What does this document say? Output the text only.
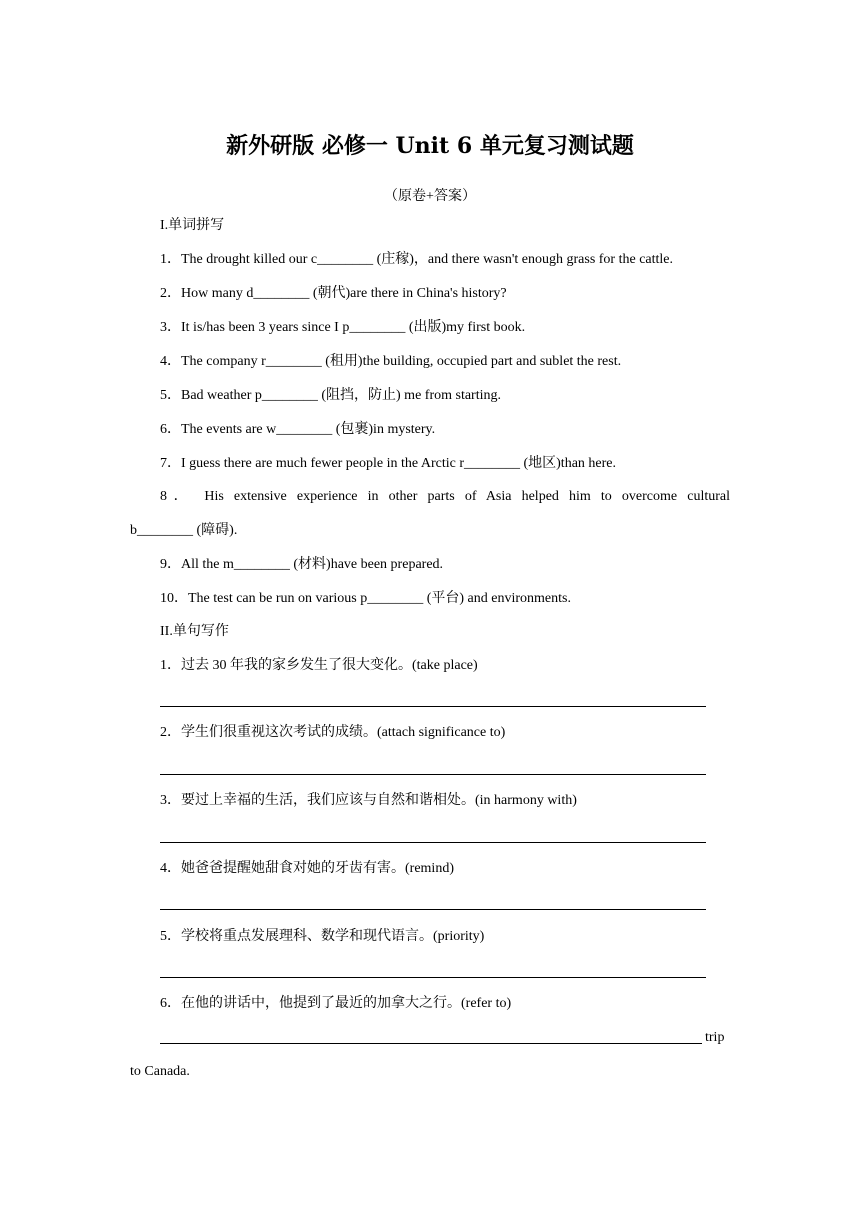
新外研版 必修一 Unit 6 单元复习测试题
（原卷+答案）
I.单词拼写
1．The drought killed our c________ (庄稼)，and there wasn't enough grass for the cattle.
2．How many d________ (朝代)are there in China's history?
3．It is/has been 3 years since I p________ (出版)my first book.
4．The company r________ (租用)the building, occupied part and sublet the rest.
5．Bad weather p________ (阻挡，防止) me from starting.
6．The events are w________ (包裹)in mystery.
7．I guess there are much fewer people in the Arctic r________ (地区)than here.
8． His extensive experience in other parts of Asia helped him to overcome cultural
b________ (障碍).
9．All the m________ (材料)have been prepared.
10．The test can be run on various p________ (平台) and environments.
II.单句写作
1．过去 30 年我的家乡发生了很大变化。(take place)
2．学生们很重视这次考试的成绩。(attach significance to)
3．要过上幸福的生活，我们应该与自然和谐相处。(in harmony with)
4．她爸爸提醒她甜食对她的牙齿有害。(remind)
5．学校将重点发展理科、数学和现代语言。(priority)
6．在他的讲话中，他提到了最近的加拿大之行。(refer to)
trip
to Canada.
